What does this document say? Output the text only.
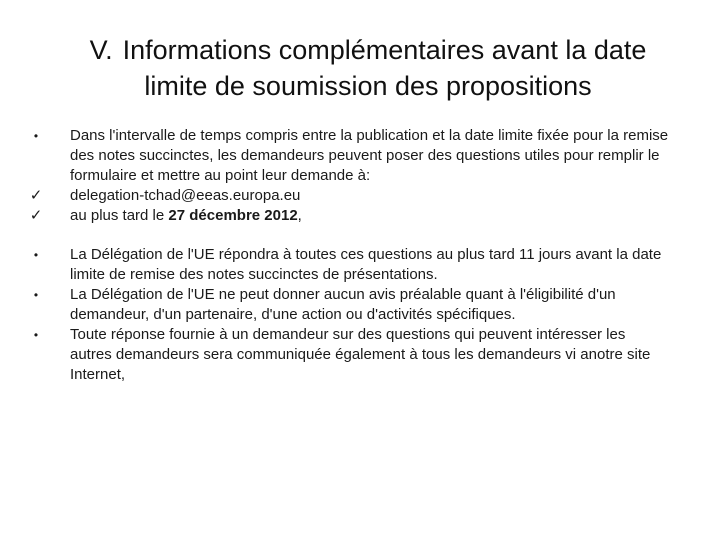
V. Informations complémentaires avant la date
limite de soumission des propositions
•	Dans l'intervalle de temps compris entre la publication et la date limite fixée pour la remise des notes succinctes, les demandeurs peuvent poser des questions utiles pour remplir le formulaire et mettre au point leur demande à:
✓ delegation-tchad@eeas.europa.eu
✓ au plus tard le 27 décembre 2012,
•	La Délégation de l'UE répondra à toutes ces questions au plus tard 11 jours avant la date limite de remise des notes succinctes de présentations.
•	La Délégation de l'UE ne peut donner aucun avis préalable quant à l'éligibilité d'un demandeur, d'un partenaire, d'une action ou d'activités spécifiques.
•	Toute réponse fournie à un demandeur sur des questions qui peuvent intéresser les autres demandeurs sera communiquée également à tous les demandeurs vi anotre site Internet,
